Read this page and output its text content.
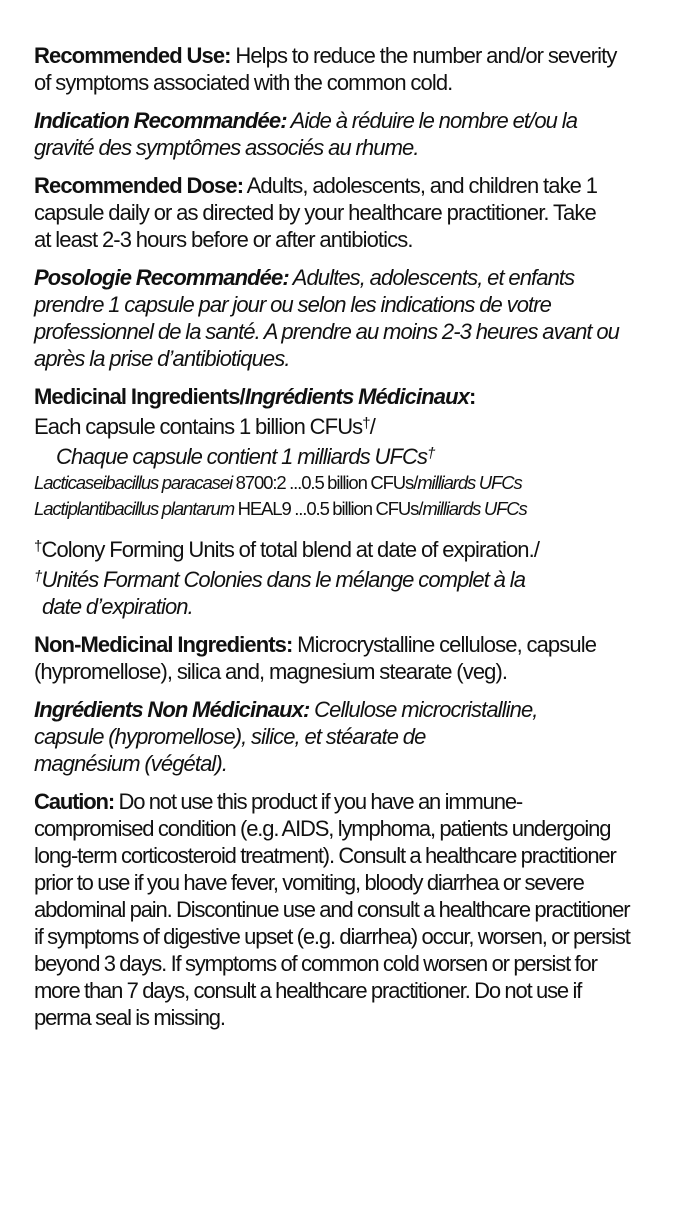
Recommended Use: Helps to reduce the number and/or severity of symptoms associated with the common cold.

Indication Recommandée: Aide à réduire le nombre et/ou la gravité des symptômes associés au rhume.

Recommended Dose: Adults, adolescents, and children take 1 capsule daily or as directed by your healthcare practitioner. Take at least 2-3 hours before or after antibiotics.

Posologie Recommandée: Adultes, adolescents, et enfants prendre 1 capsule par jour ou selon les indications de votre professionnel de la santé. A prendre au moins 2-3 heures avant ou après la prise d’antibiotiques.

Medicinal Ingredients/Ingrédients Médicinaux:

Each capsule contains 1 billion CFUs†/

Chaque capsule contient 1 milliards UFCs†

Lacticaseibacillus paracasei 8700:2 ...0.5 billion CFUs/milliards UFCs

Lactiplantibacillus plantarum HEAL9 ...0.5 billion CFUs/milliards UFCs

†Colony Forming Units of total blend at date of expiration./

†Unités Formant Colonies dans le mélange complet à la

date d’expiration.

Non-Medicinal Ingredients: Microcrystalline cellulose, capsule (hypromellose), silica and, magnesium stearate (veg).

Ingrédients Non Médicinaux: Cellulose microcristalline,

capsule (hypromellose), silice, et stéarate de

magnésium (végétal).

Caution: Do not use this product if you have an immune-compromised condition (e.g. AIDS, lymphoma, patients undergoing long-term corticosteroid treatment). Consult a healthcare practitioner prior to use if you have fever, vomiting, bloody diarrhea or severe abdominal pain. Discontinue use and consult a healthcare practitioner if symptoms of digestive upset (e.g. diarrhea) occur, worsen, or persist beyond 3 days. If symptoms of common cold worsen or persist for more than 7 days, consult a healthcare practitioner. Do not use if perma seal is missing.
